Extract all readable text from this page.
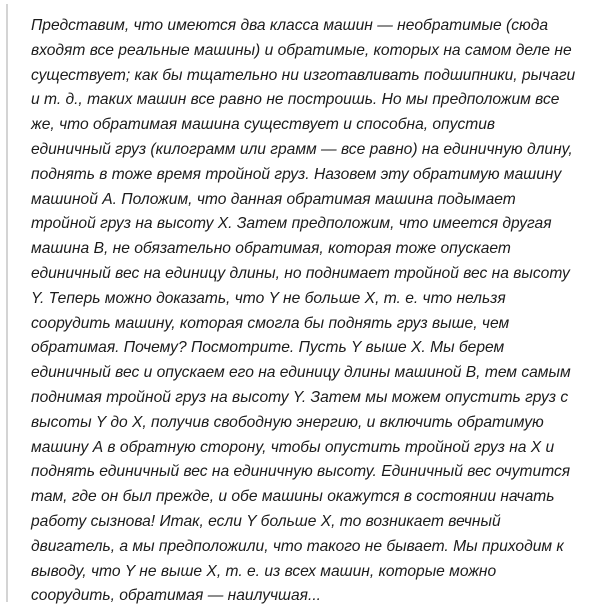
Представим, что имеются два класса машин — необратимые (сюда
входят все реальные машины) и обратимые, которых на самом деле не
существует; как бы тщательно ни изготавливать подшипники, рычаги
и т. д., таких машин все равно не построишь. Но мы предположим все
же, что обратимая машина существует и способна, опустив
единичный груз (килограмм или грамм — все равно) на единичную длину,
поднять в тоже время тройной груз. Назовем эту обратимую машину
машиной А. Положим, что данная обратимая машина подымает
тройной груз на высоту X. Затем предположим, что имеется другая
машина В, не обязательно обратимая, которая тоже опускает
единичный вес на единицу длины, но поднимает тройной вес на высоту
Y. Теперь можно доказать, что Y не больше X, т. е. что нельзя
соорудить машину, которая смогла бы поднять груз выше, чем
обратимая. Почему? Посмотрите. Пусть Y выше X. Мы берем
единичный вес и опускаем его на единицу длины машиной В, тем самым
поднимая тройной груз на высоту Y. Затем мы можем опустить груз с
высоты Y до X, получив свободную энергию, и включить обратимую
машину А в обратную сторону, чтобы опустить тройной груз на X и
поднять единичный вес на единичную высоту. Единичный вес очутится
там, где он был прежде, и обе машины окажутся в состоянии начать
работу сызнова! Итак, если Y больше X, то возникает вечный
двигатель, а мы предположили, что такого не бывает. Мы приходим к
выводу, что Y не выше X, т. е. из всех машин, которые можно
соорудить, обратимая — наилучшая...
